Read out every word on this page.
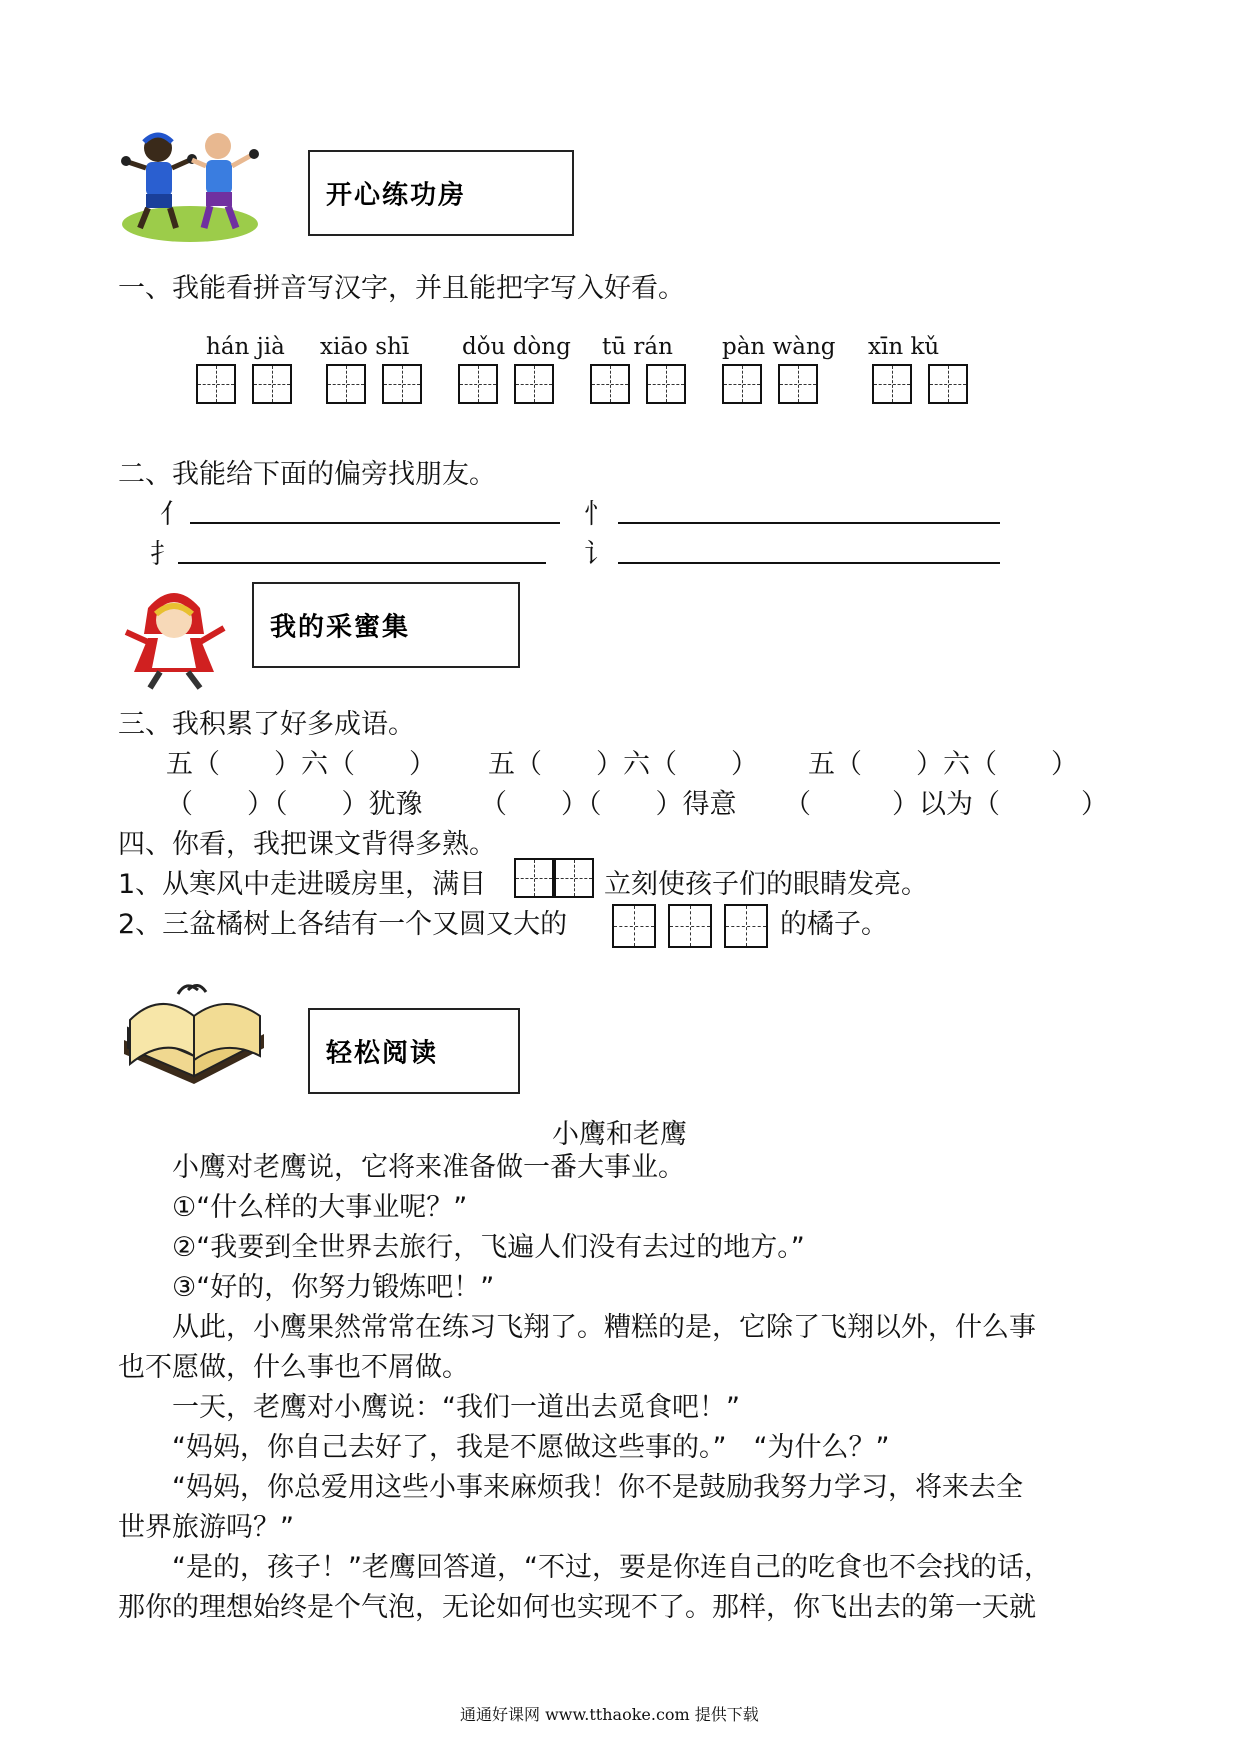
开心练功房
一、我能看拼音写汉字，并且能把字写入好看。
hán jià xiāo shī dǒu dòng tū rán pàn wàng xīn kǔ
二、我能给下面的偏旁找朋友。
亻	忄
扌	讠
我的采蜜集
三、我积累了好多成语。
五（　　）六（　　） 五（　　）六（　　） 五（　　）六（　　）
（　　）（　　）犹豫 （　　）（　　）得意 （　　　）以为（　　　）
四、你看，我把课文背得多熟。
1、从寒风中走进暖房里，满目	立刻使孩子们的眼睛发亮。
2、三盆橘树上各结有一个又圆又大的	的橘子。
轻松阅读
小鹰和老鹰
　　小鹰对老鹰说，它将来准备做一番大事业。
　　①“什么样的大事业呢？”
　　②“我要到全世界去旅行，飞遍人们没有去过的地方。”
　　③“好的，你努力锻炼吧！”
　　从此，小鹰果然常常在练习飞翔了。糟糕的是，它除了飞翔以外，什么事
也不愿做，什么事也不屑做。
　　一天，老鹰对小鹰说：“我们一道出去觅食吧！”
　　“妈妈，你自己去好了，我是不愿做这些事的。”　“为什么？”
　　“妈妈，你总爱用这些小事来麻烦我！你不是鼓励我努力学习，将来去全
世界旅游吗？”
　　“是的，孩子！”老鹰回答道，“不过，要是你连自己的吃食也不会找的话，
那你的理想始终是个气泡，无论如何也实现不了。那样，你飞出去的第一天就
通通好课网 www.tthaoke.com 提供下载
